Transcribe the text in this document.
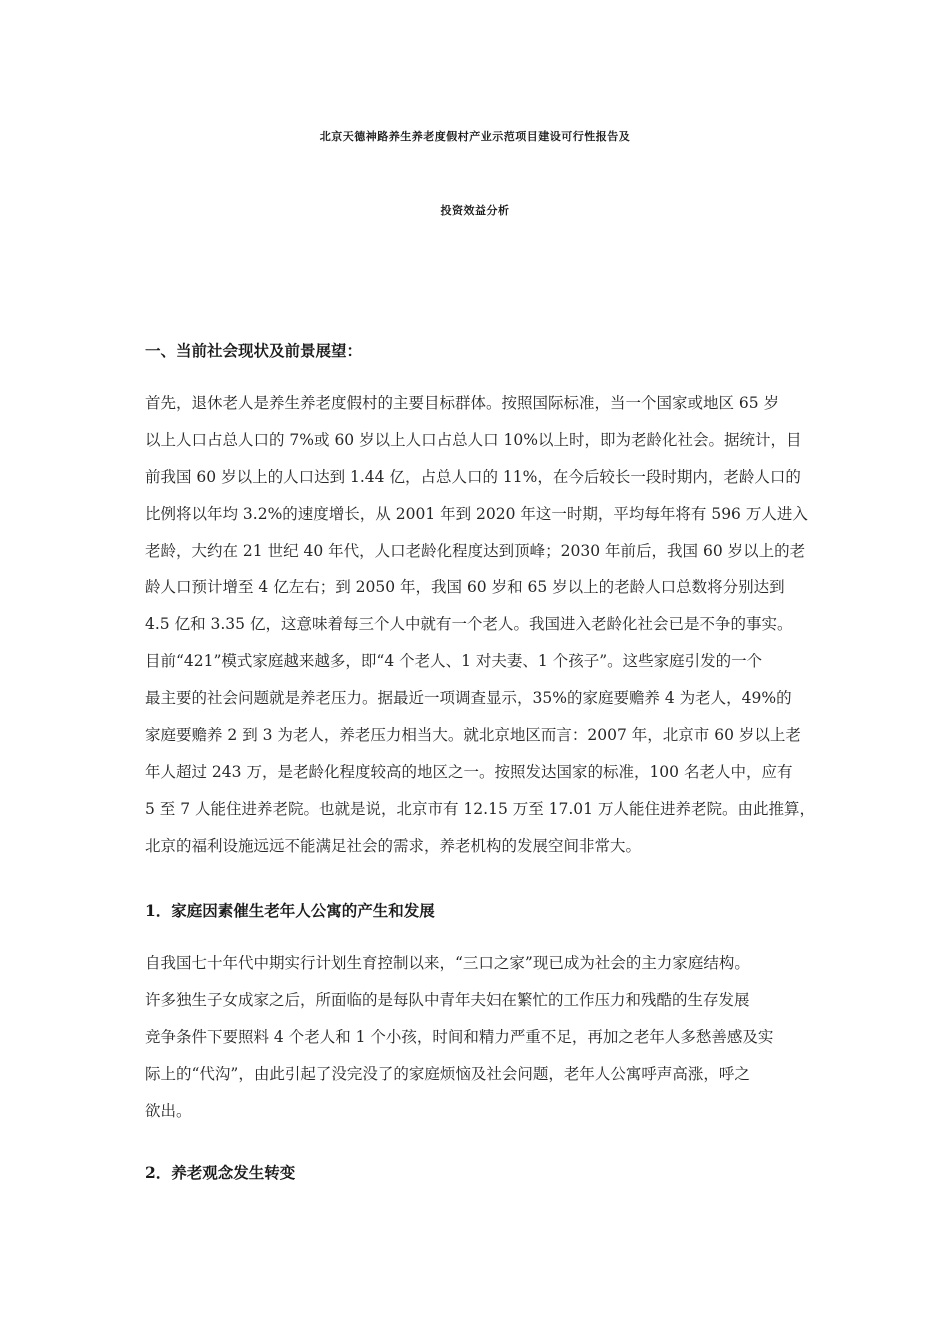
北京天德神路养生养老度假村产业示范项目建设可行性报告及
投资效益分析
一、当前社会现状及前景展望：
首先，退休老人是养生养老度假村的主要目标群体。按照国际标准，当一个国家或地区 65 岁
以上人口占总人口的 7%或 60 岁以上人口占总人口 10%以上时，即为老龄化社会。据统计，目
前我国 60 岁以上的人口达到 1.44 亿，占总人口的 11%，在今后较长一段时期内，老龄人口的
比例将以年均 3.2%的速度增长，从 2001 年到 2020 年这一时期，平均每年将有 596 万人进入
老龄，大约在 21 世纪 40 年代，人口老龄化程度达到顶峰；2030 年前后，我国 60 岁以上的老
龄人口预计增至 4 亿左右；到 2050 年，我国 60 岁和 65 岁以上的老龄人口总数将分别达到
4.5 亿和 3.35 亿，这意味着每三个人中就有一个老人。我国进入老龄化社会已是不争的事实。
目前“421”模式家庭越来越多，即“4 个老人、1 对夫妻、1 个孩子”。这些家庭引发的一个
最主要的社会问题就是养老压力。据最近一项调查显示，35%的家庭要赡养 4 为老人，49%的
家庭要赡养 2 到 3 为老人，养老压力相当大。就北京地区而言：2007 年，北京市 60 岁以上老
年人超过 243 万，是老龄化程度较高的地区之一。按照发达国家的标准，100 名老人中，应有
5 至 7 人能住进养老院。也就是说，北京市有 12.15 万至 17.01 万人能住进养老院。由此推算，
北京的福利设施远远不能满足社会的需求，养老机构的发展空间非常大。
1．家庭因素催生老年人公寓的产生和发展
自我国七十年代中期实行计划生育控制以来，“三口之家”现已成为社会的主力家庭结构。
许多独生子女成家之后，所面临的是每队中青年夫妇在繁忙的工作压力和残酷的生存发展
竞争条件下要照料 4 个老人和 1 个小孩，时间和精力严重不足，再加之老年人多愁善感及实
际上的“代沟”，由此引起了没完没了的家庭烦恼及社会问题，老年人公寓呼声高涨，呼之
欲出。
2．养老观念发生转变
